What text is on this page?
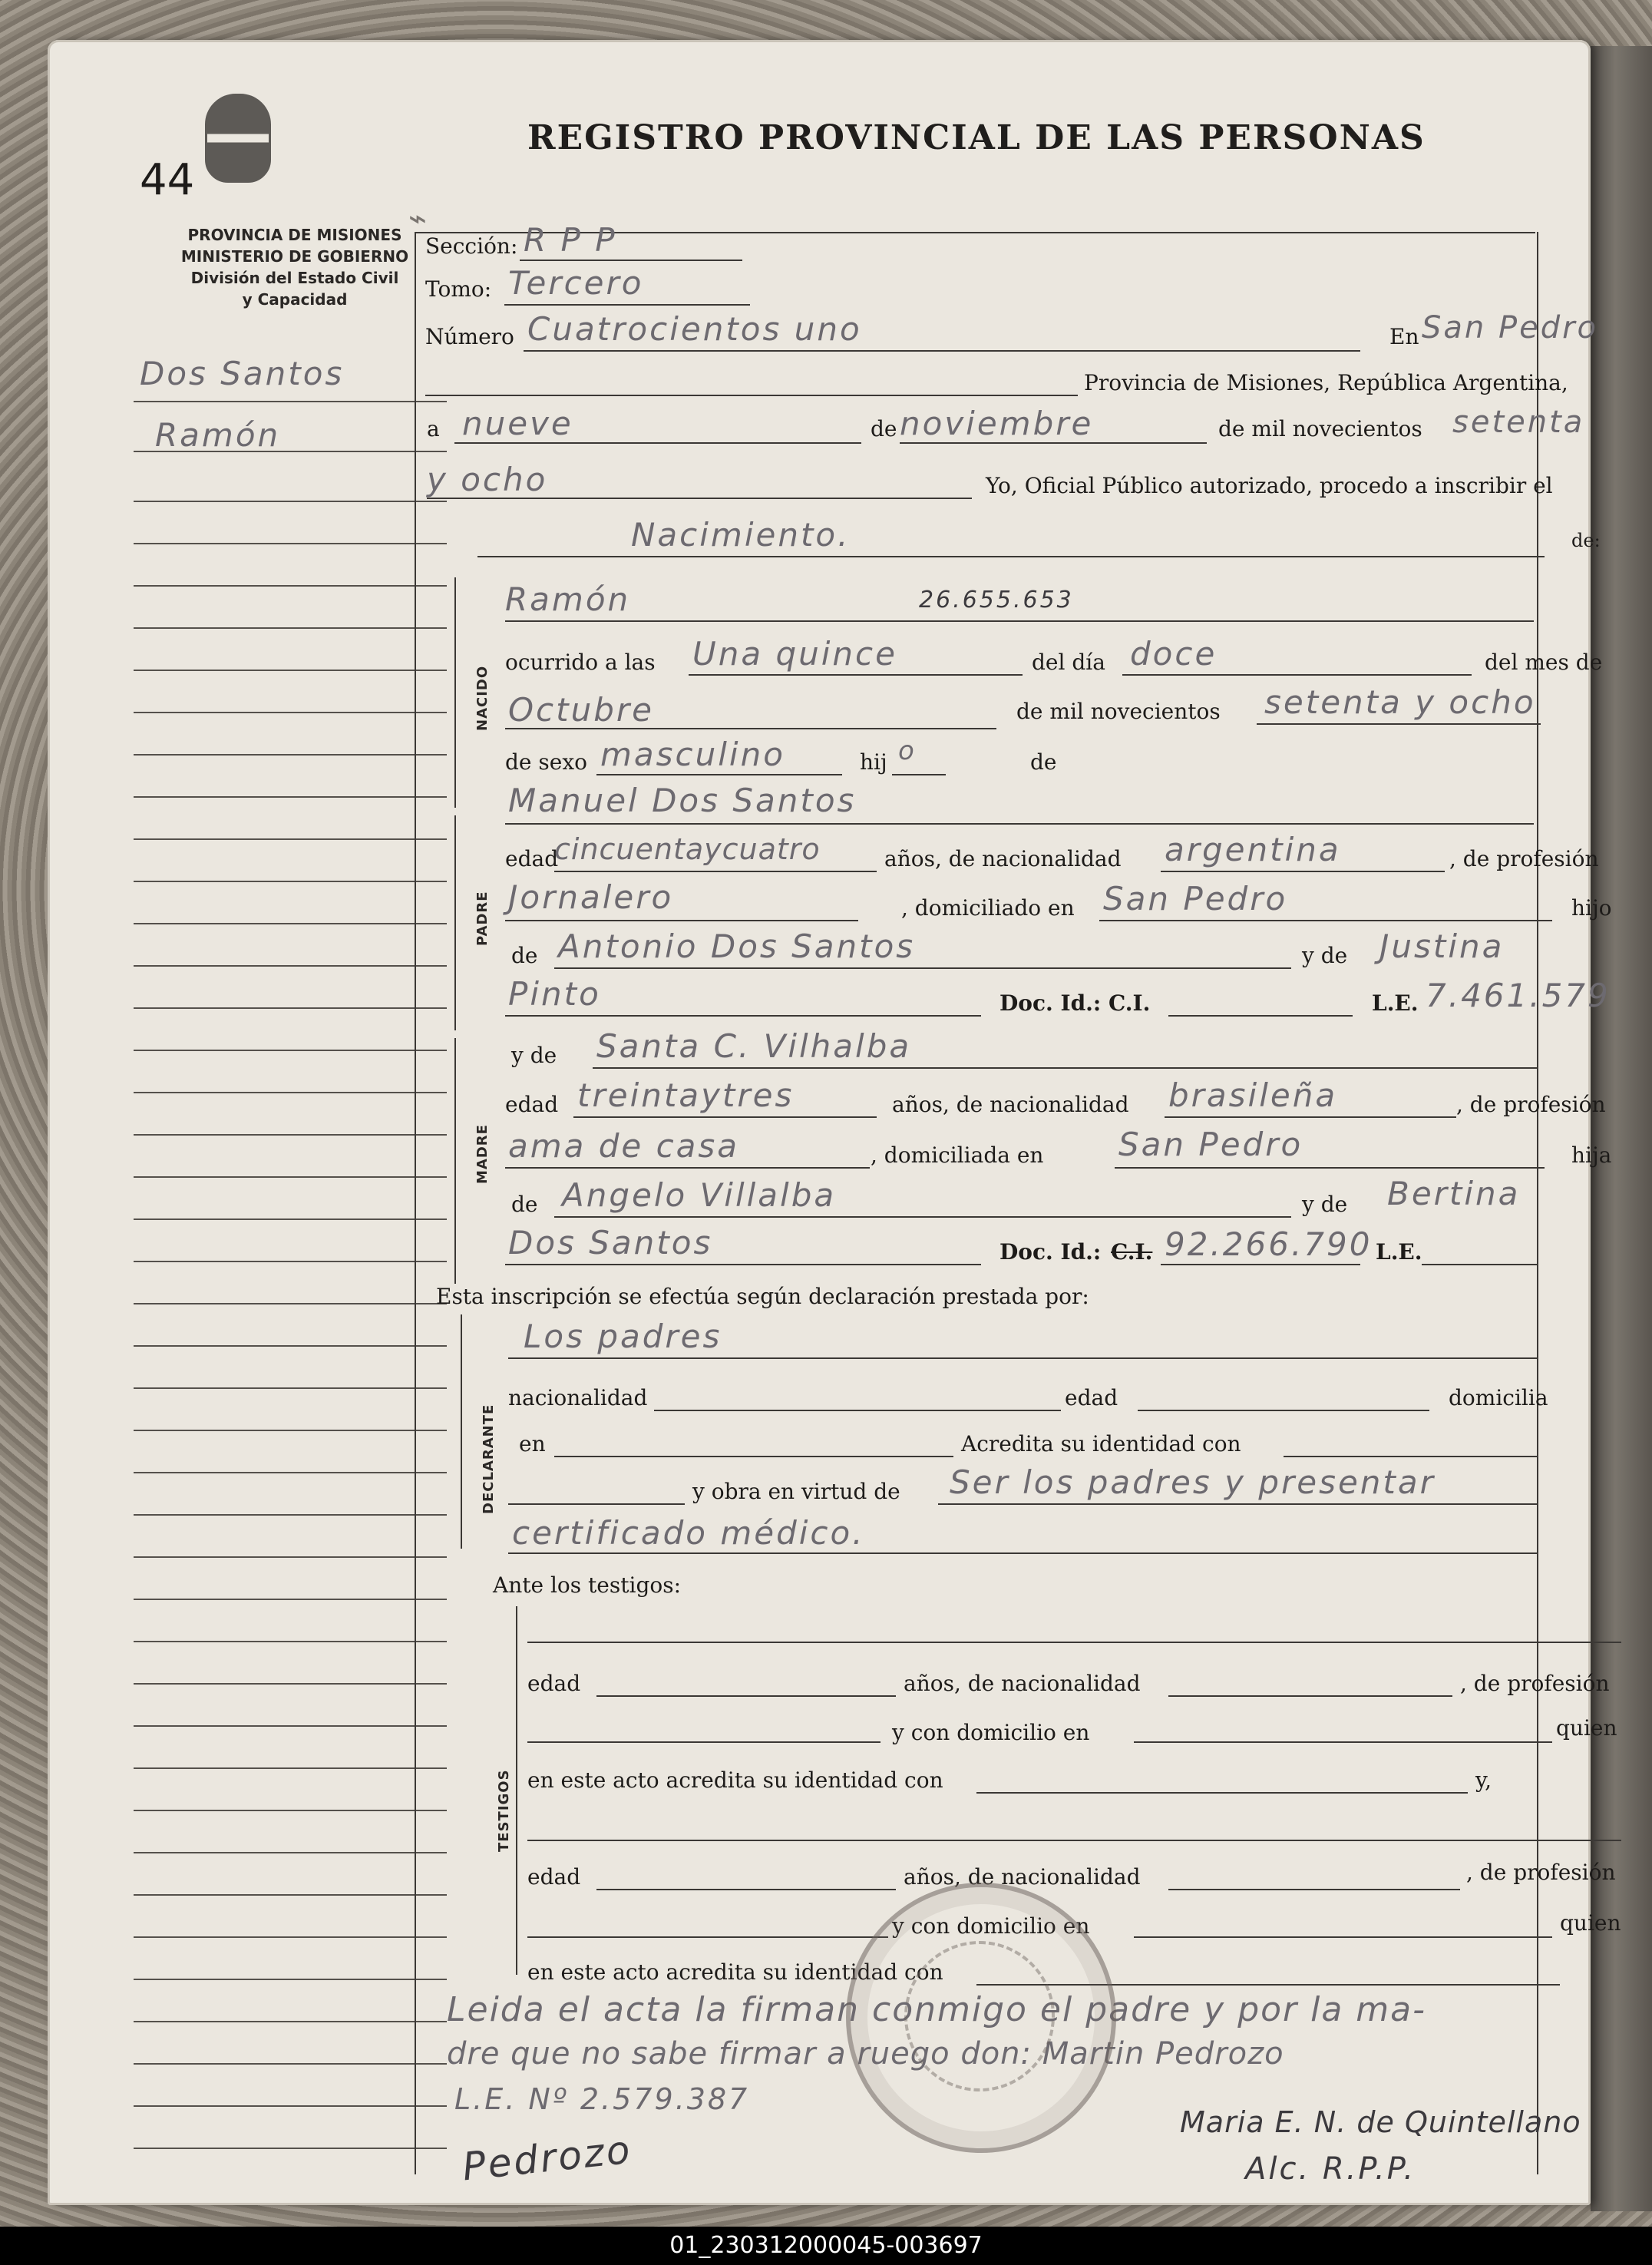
44
⌁
REGISTRO PROVINCIAL DE LAS PERSONAS
PROVINCIA DE MISIONES
MINISTERIO DE GOBIERNO
División del Estado Civil
y Capacidad
Dos Santos
Ramón
Sección: R P P
Tomo: Tercero
Número Cuatrocientos uno	En San Pedro
Provincia de Misiones, República Argentina,
a nueve	de noviembre	de mil novecientos setenta
y ocho	Yo, Oficial Público autorizado, procedo a inscribir el
Nacimiento.	de:
NACIDO
Ramón	26.655.653
ocurrido a las Una quince	del día doce	del mes de
Octubre	de mil novecientos setenta y ocho
de sexo masculino	hij o	de
PADRE
Manuel Dos Santos
edad
cincuentaycuatro	años, de nacionalidad argentina	, de profesión
Jornalero	, domiciliado en San Pedro	hijo
de Antonio Dos Santos	y de Justina
Pinto	Doc. Id.: C.I.	L.E. 7.461.579
MADRE
y de Santa C. Vilhalba
edad treintaytres	años, de nacionalidad brasileña	, de profesión
ama de casa	, domiciliada en San Pedro	hija
de Angelo Villalba	y de Bertina
Dos Santos	Doc. Id.: C.I. 92.266.790 L.E.
Esta inscripción se efectúa según declaración prestada por:
DECLARANTE
Los padres
nacionalidad	edad	domicilia
en	Acredita su identidad con
y obra en virtud de Ser los padres y presentar
certificado médico.
Ante los testigos:
TESTIGOS
edad	años, de nacionalidad	, de profesión
y con domicilio en	quien
en este acto acredita su identidad con	y,
edad	años, de nacionalidad	, de profesión
y con domicilio en	quien
en este acto acredita su identidad con
Leida el acta la firman conmigo el padre y por la ma-
dre que no sabe firmar a ruego don: Martin Pedrozo
L.E. Nº 2.579.387
Pedrozo
Maria E. N. de Quintellano
Alc. R.P.P.
01_230312000045-003697
